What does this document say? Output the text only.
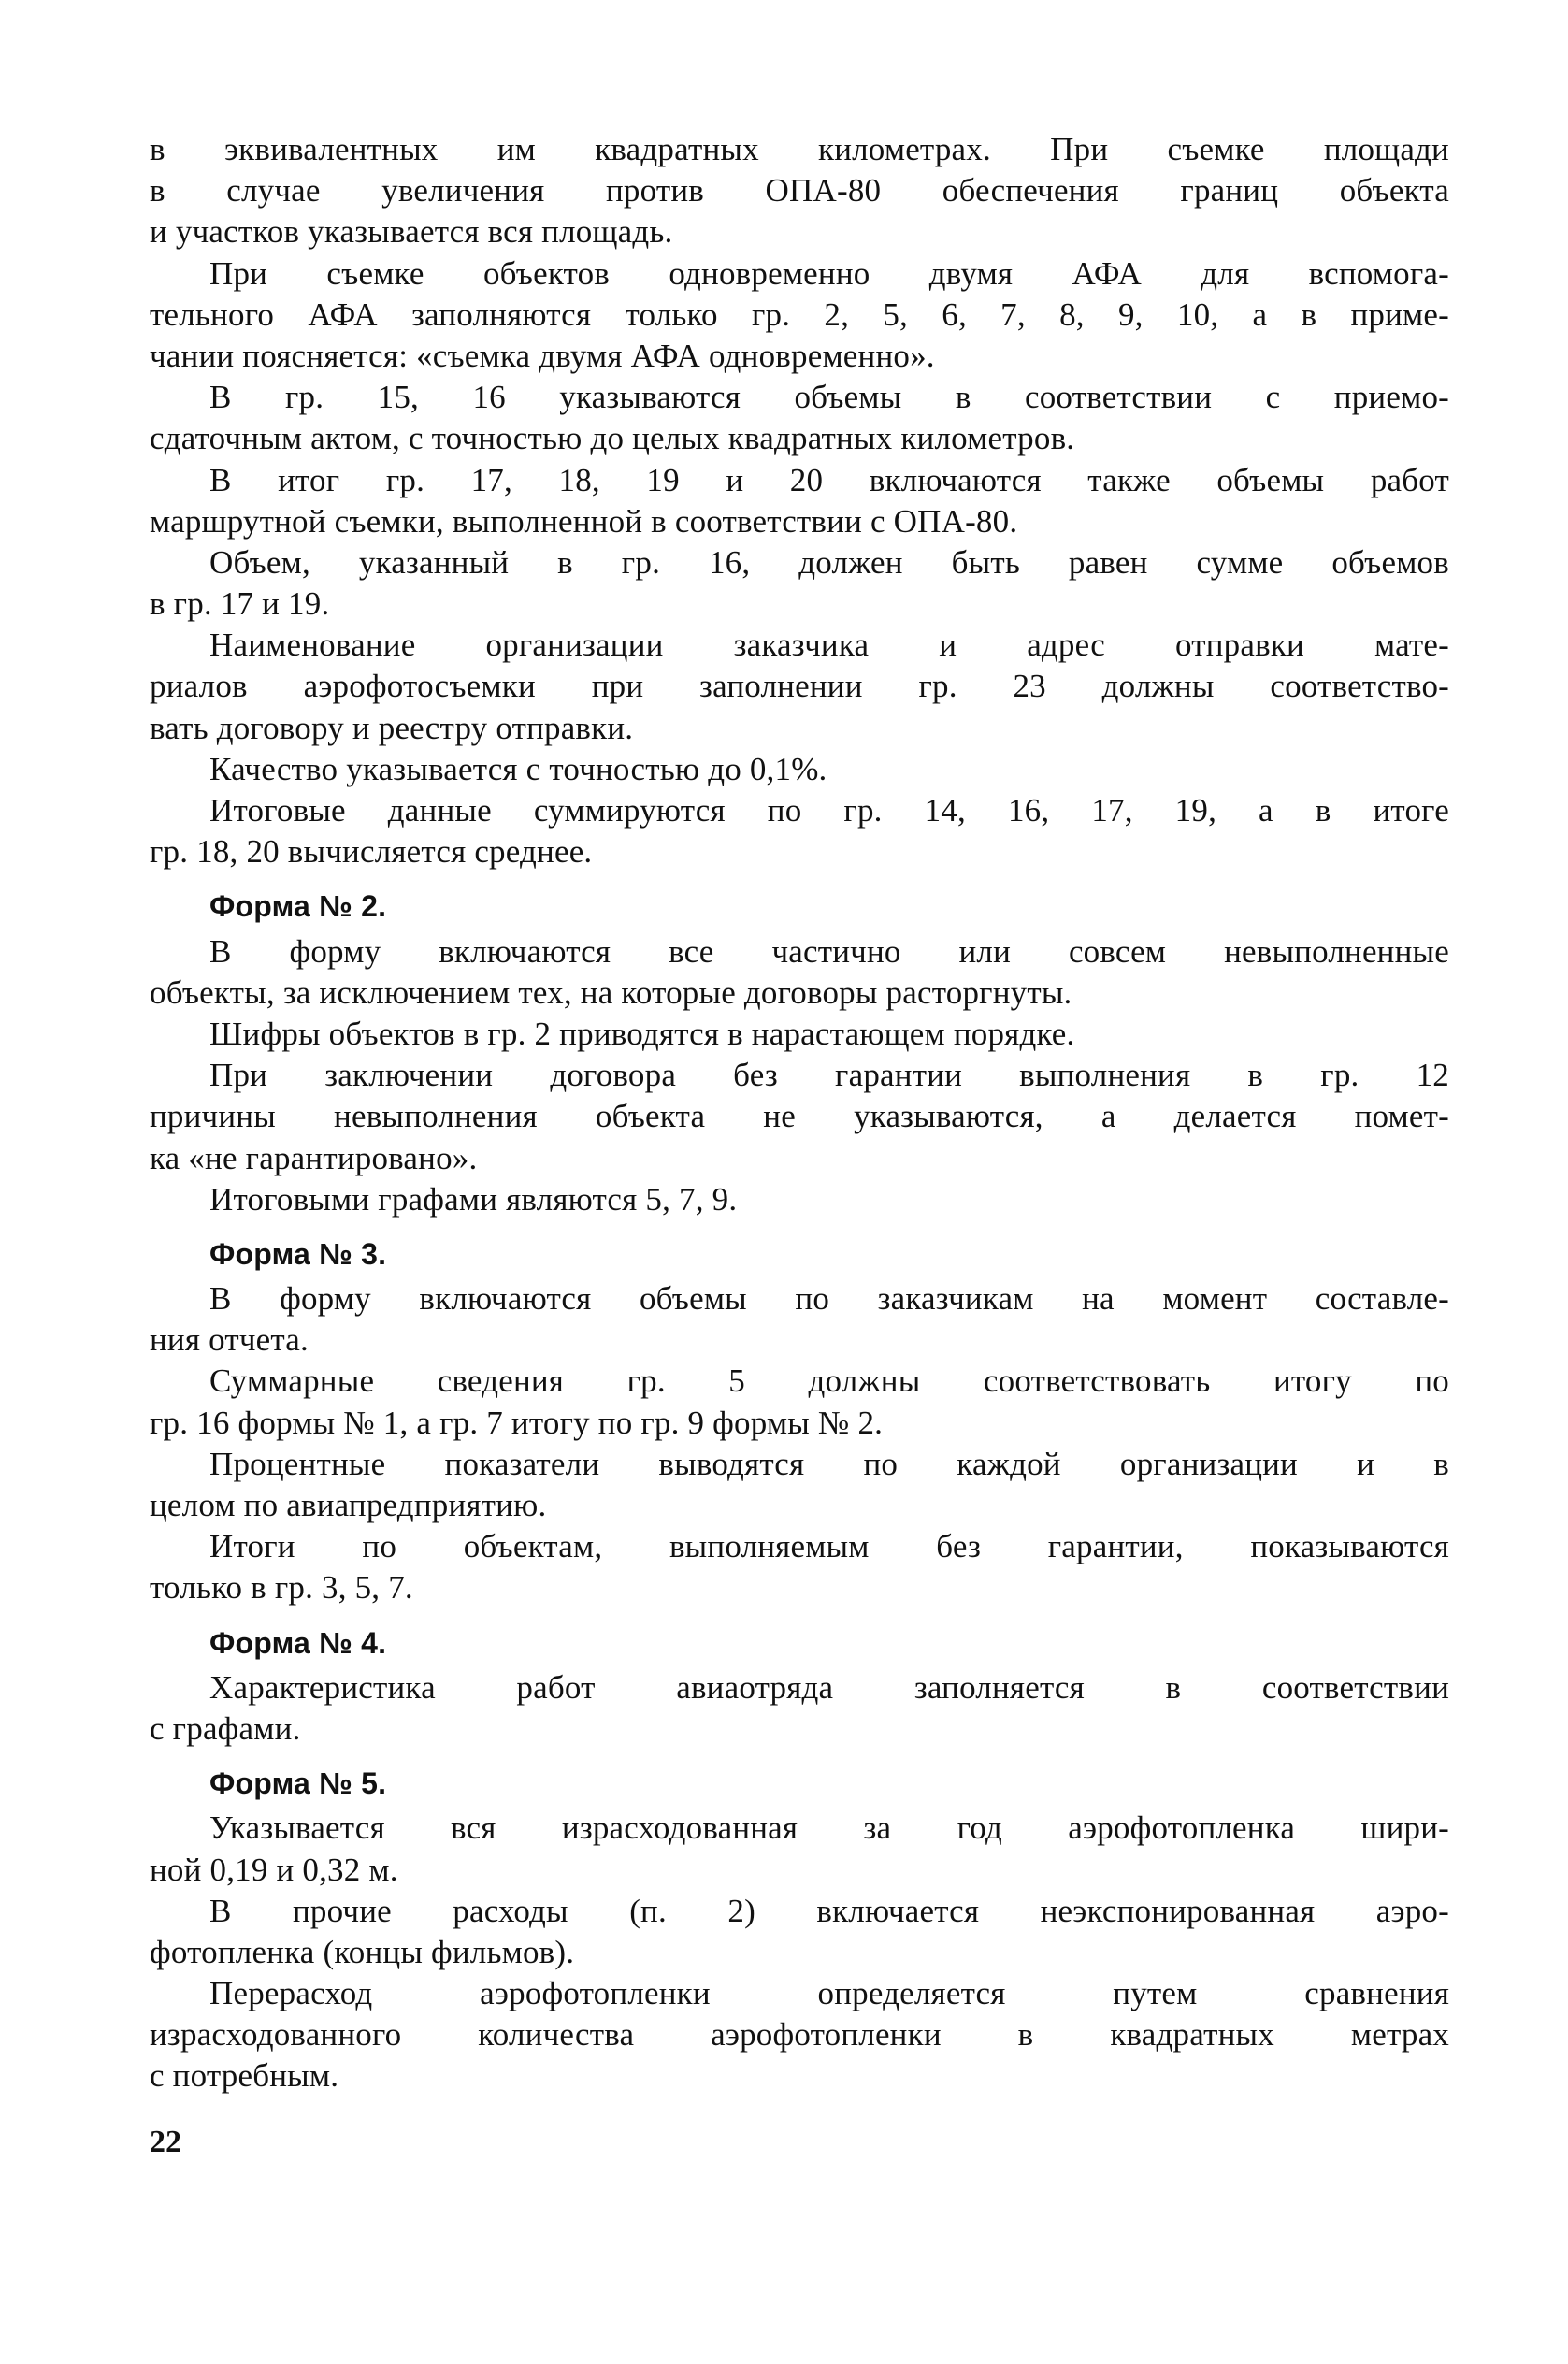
в эквивалентных им квадратных километрах. При съемке площади
в случае увеличения против ОПА-80 обеспечения границ объекта
и участков указывается вся площадь.
При съемке объектов одновременно двумя АФА для вспомога-
тельного АФА заполняются только гр. 2, 5, 6, 7, 8, 9, 10, а в приме-
чании поясняется: «съемка двумя АФА одновременно».
В гр. 15, 16 указываются объемы в соответствии с приемо-
сдаточным актом, с точностью до целых квадратных километров.
В итог гр. 17, 18, 19 и 20 включаются также объемы работ
маршрутной съемки, выполненной в соответствии с ОПА-80.
Объем, указанный в гр. 16, должен быть равен сумме объемов
в гр. 17 и 19.
Наименование организации заказчика и адрес отправки мате-
риалов аэрофотосъемки при заполнении гр. 23 должны соответство-
вать договору и реестру отправки.
Качество указывается с точностью до 0,1%.
Итоговые данные суммируются по гр. 14, 16, 17, 19, а в итоге
гр. 18, 20 вычисляется среднее.
Форма № 2.
В форму включаются все частично или совсем невыполненные
объекты, за исключением тех, на которые договоры расторгнуты.
Шифры объектов в гр. 2 приводятся в нарастающем порядке.
При заключении договора без гарантии выполнения в гр. 12
причины невыполнения объекта не указываются, а делается помет-
ка «не гарантировано».
Итоговыми графами являются 5, 7, 9.
Форма № 3.
В форму включаются объемы по заказчикам на момент составле-
ния отчета.
Суммарные сведения гр. 5 должны соответствовать итогу по
гр. 16 формы № 1, а гр. 7 итогу по гр. 9 формы № 2.
Процентные показатели выводятся по каждой организации и в
целом по авиапредприятию.
Итоги по объектам, выполняемым без гарантии, показываются
только в гр. 3, 5, 7.
Форма № 4.
Характеристика работ авиаотряда заполняется в соответствии
с графами.
Форма № 5.
Указывается вся израсходованная за год аэрофотопленка шири-
ной 0,19 и 0,32 м.
В прочие расходы (п. 2) включается неэкспонированная аэро-
фотопленка (концы фильмов).
Перерасход аэрофотопленки определяется путем сравнения
израсходованного количества аэрофотопленки в квадратных метрах
с потребным.
22
